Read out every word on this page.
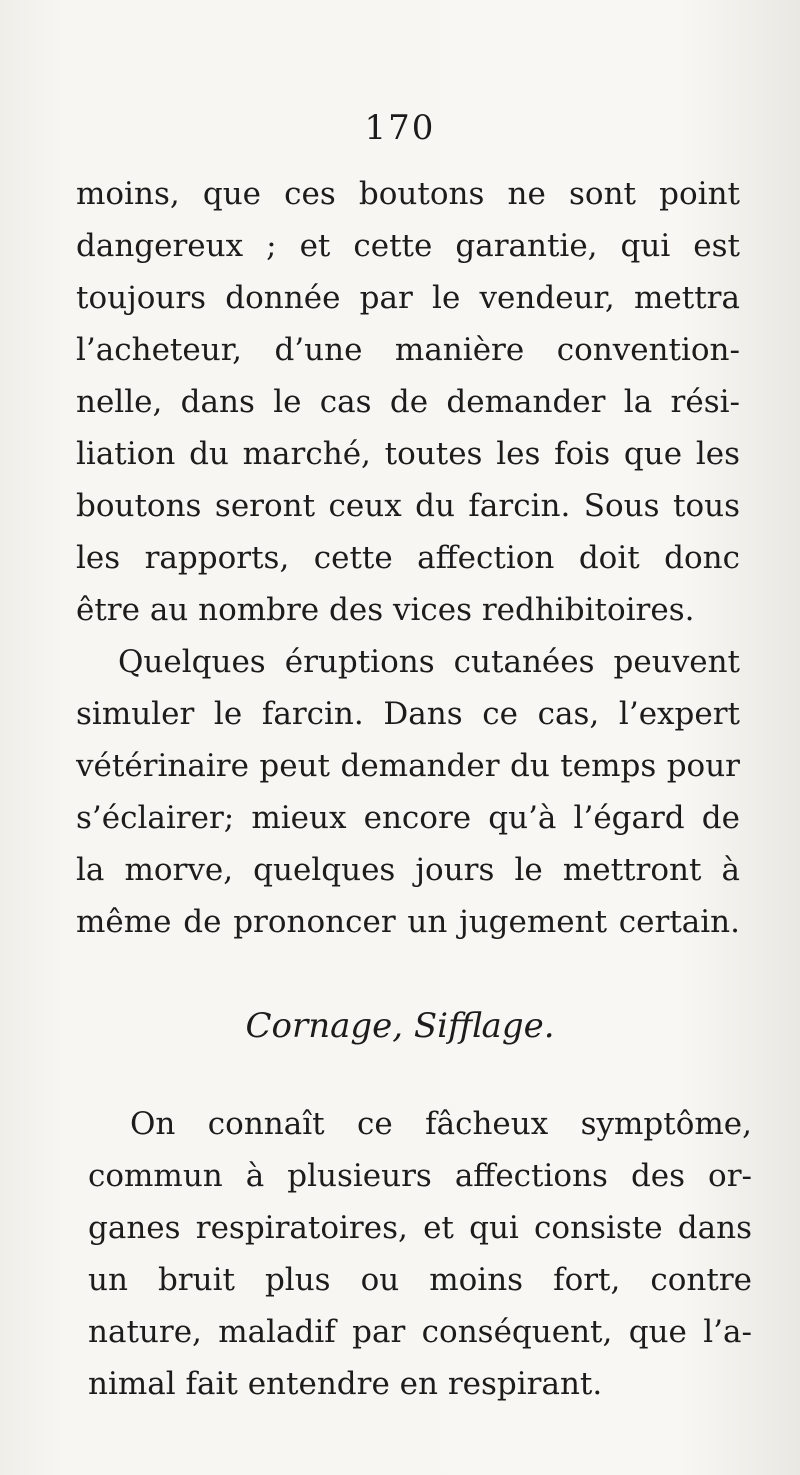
170
moins, que ces boutons ne sont point
dangereux ; et cette garantie, qui est
toujours donnée par le vendeur, mettra
l’acheteur, d’une manière convention-
nelle, dans le cas de demander la rési-
liation du marché, toutes les fois que les
boutons seront ceux du farcin. Sous tous
les rapports, cette affection doit donc
être au nombre des vices redhibitoires.
Quelques éruptions cutanées peuvent
simuler le farcin. Dans ce cas, l’expert
vétérinaire peut demander du temps pour
s’éclairer; mieux encore qu’à l’égard de
la morve, quelques jours le mettront à
même de prononcer un jugement certain.
Cornage, Sifflage.
On connaît ce fâcheux symptôme,
commun à plusieurs affections des or-
ganes respiratoires, et qui consiste dans
un bruit plus ou moins fort, contre
nature, maladif par conséquent, que l’a-
nimal fait entendre en respirant.
